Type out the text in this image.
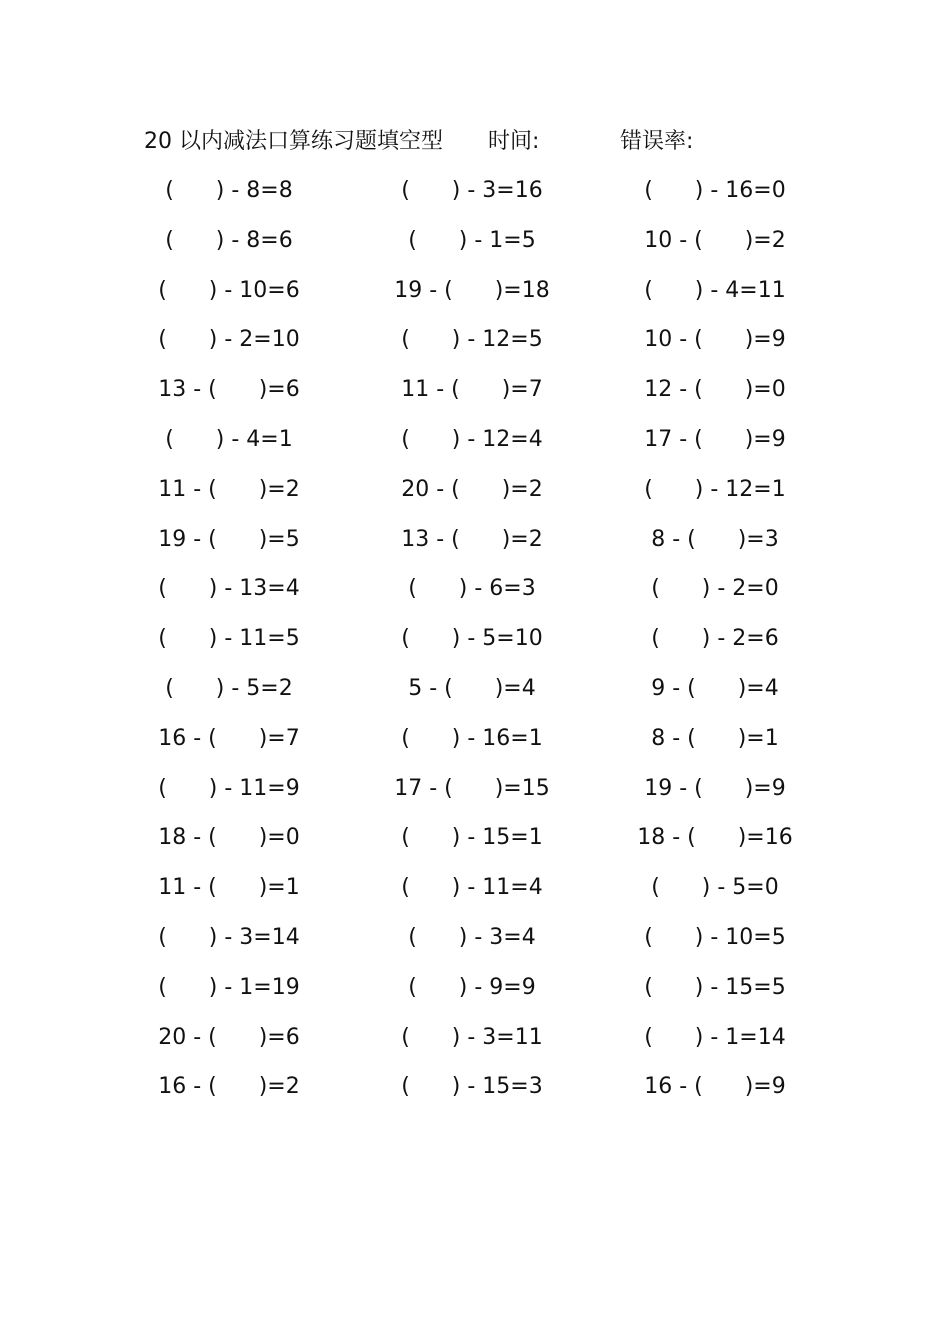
20 以内减法口算练习题填空型 时间:	错误率:
(      ) - 8=8
(      ) - 8=6
(      ) - 10=6
(      ) - 2=10
13 - (      )=6
(      ) - 4=1
11 - (      )=2
19 - (      )=5
(      ) - 13=4
(      ) - 11=5
(      ) - 5=2
16 - (      )=7
(      ) - 11=9
18 - (      )=0
11 - (      )=1
(      ) - 3=14
(      ) - 1=19
20 - (      )=6
16 - (      )=2
(      ) - 3=16
(      ) - 1=5
19 - (      )=18
(      ) - 12=5
11 - (      )=7
(      ) - 12=4
20 - (      )=2
13 - (      )=2
(      ) - 6=3
(      ) - 5=10
5 - (      )=4
(      ) - 16=1
17 - (      )=15
(      ) - 15=1
(      ) - 11=4
(      ) - 3=4
(      ) - 9=9
(      ) - 3=11
(      ) - 15=3
(      ) - 16=0
10 - (      )=2
(      ) - 4=11
10 - (      )=9
12 - (      )=0
17 - (      )=9
(      ) - 12=1
8 - (      )=3
(      ) - 2=0
(      ) - 2=6
9 - (      )=4
8 - (      )=1
19 - (      )=9
18 - (      )=16
(      ) - 5=0
(      ) - 10=5
(      ) - 15=5
(      ) - 1=14
16 - (      )=9
